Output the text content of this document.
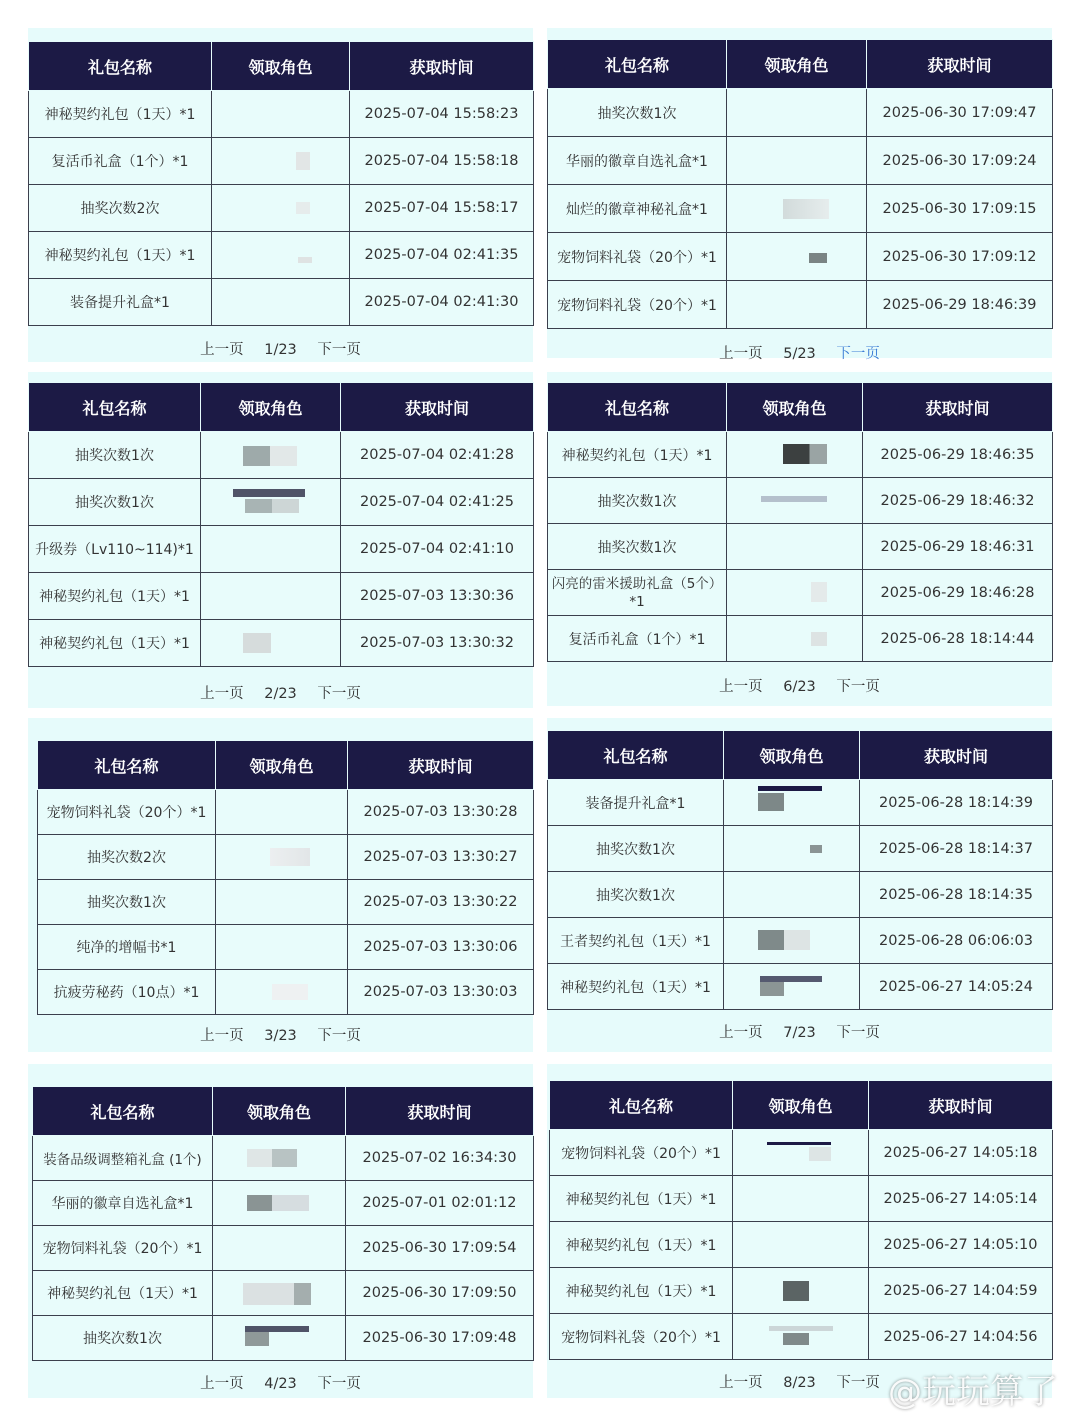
礼包名称	领取角色	获取时间
神秘契约礼包（1天）*1		2025-07-04 15:58:23
复活币礼盒（1个）*1		2025-07-04 15:58:18
抽奖次数2次		2025-07-04 15:58:17
神秘契约礼包（1天）*1		2025-07-04 02:41:35
装备提升礼盒*1		2025-07-04 02:41:30
上一页 1/23 下一页
礼包名称	领取角色	获取时间
抽奖次数1次		2025-06-30 17:09:47
华丽的徽章自选礼盒*1		2025-06-30 17:09:24
灿烂的徽章神秘礼盒*1		2025-06-30 17:09:15
宠物饲料礼袋（20个）*1		2025-06-30 17:09:12
宠物饲料礼袋（20个）*1		2025-06-29 18:46:39
上一页 5/23 下一页
礼包名称	领取角色	获取时间
抽奖次数1次		2025-07-04 02:41:28
抽奖次数1次		2025-07-04 02:41:25
升级券（Lv110~114)*1		2025-07-04 02:41:10
神秘契约礼包（1天）*1		2025-07-03 13:30:36
神秘契约礼包（1天）*1		2025-07-03 13:30:32
上一页 2/23 下一页
礼包名称	领取角色	获取时间
神秘契约礼包（1天）*1		2025-06-29 18:46:35
抽奖次数1次		2025-06-29 18:46:32
抽奖次数1次		2025-06-29 18:46:31
闪亮的雷米援助礼盒（5个）*1		2025-06-29 18:46:28
复活币礼盒（1个）*1		2025-06-28 18:14:44
上一页 6/23 下一页
礼包名称	领取角色	获取时间
宠物饲料礼袋（20个）*1		2025-07-03 13:30:28
抽奖次数2次		2025-07-03 13:30:27
抽奖次数1次		2025-07-03 13:30:22
纯净的增幅书*1		2025-07-03 13:30:06
抗疲劳秘药（10点）*1		2025-07-03 13:30:03
上一页 3/23 下一页
礼包名称	领取角色	获取时间
装备提升礼盒*1		2025-06-28 18:14:39
抽奖次数1次		2025-06-28 18:14:37
抽奖次数1次		2025-06-28 18:14:35
王者契约礼包（1天）*1		2025-06-28 06:06:03
神秘契约礼包（1天）*1		2025-06-27 14:05:24
上一页 7/23 下一页
礼包名称	领取角色	获取时间
装备品级调整箱礼盒 (1个)		2025-07-02 16:34:30
华丽的徽章自选礼盒*1		2025-07-01 02:01:12
宠物饲料礼袋（20个）*1		2025-06-30 17:09:54
神秘契约礼包（1天）*1		2025-06-30 17:09:50
抽奖次数1次		2025-06-30 17:09:48
上一页 4/23 下一页
礼包名称	领取角色	获取时间
宠物饲料礼袋（20个）*1		2025-06-27 14:05:18
神秘契约礼包（1天）*1		2025-06-27 14:05:14
神秘契约礼包（1天）*1		2025-06-27 14:05:10
神秘契约礼包（1天）*1		2025-06-27 14:04:59
宠物饲料礼袋（20个）*1		2025-06-27 14:04:56
上一页 8/23 下一页 @玩玩算了
